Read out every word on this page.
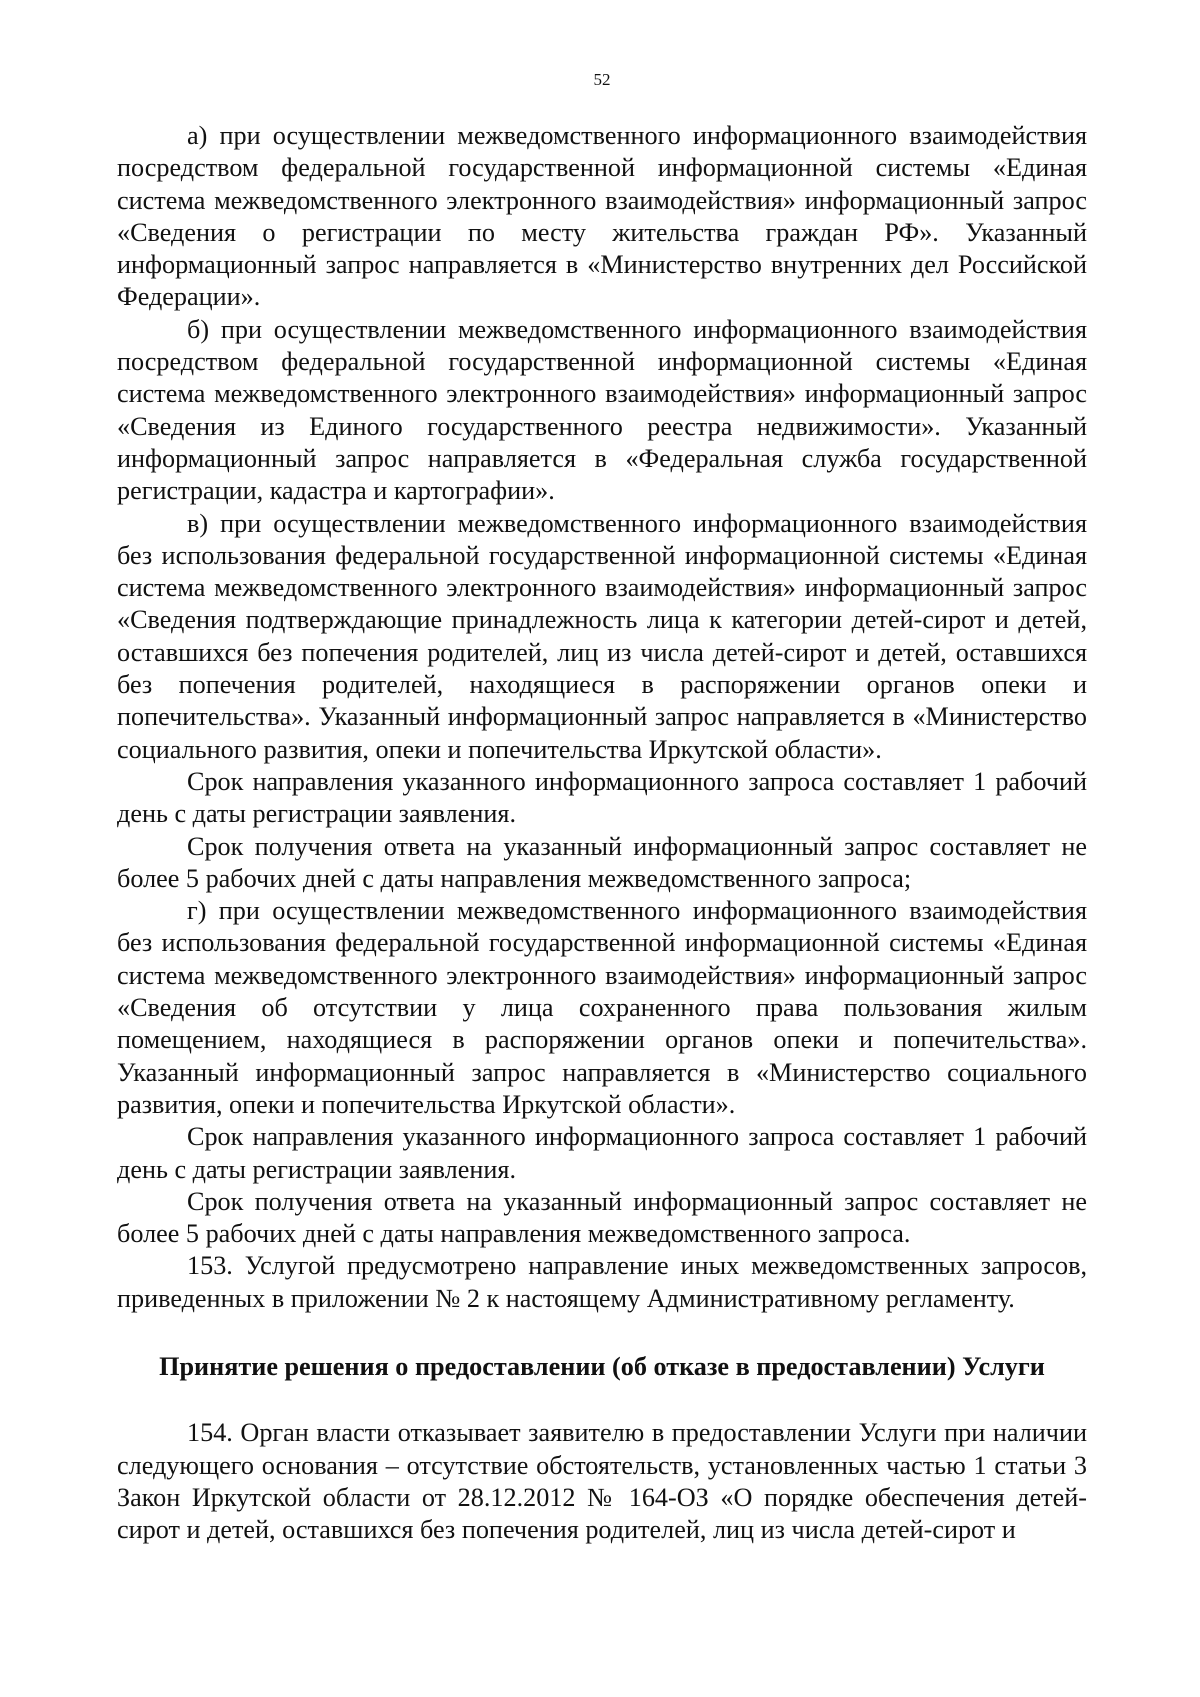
52

а) при осуществлении межведомственного информационного взаимодействия посредством федеральной государственной информационной системы «Единая система межведомственного электронного взаимодействия» информационный запрос «Сведения о регистрации по месту жительства граждан РФ». Указанный информационный запрос направляется в «Министерство внутренних дел Российской Федерации».

б) при осуществлении межведомственного информационного взаимодействия посредством федеральной государственной информационной системы «Единая система межведомственного электронного взаимодействия» информационный запрос «Сведения из Единого государственного реестра недвижимости». Указанный информационный запрос направляется в «Федеральная служба государственной регистрации, кадастра и картографии».

в) при осуществлении межведомственного информационного взаимодействия без использования федеральной государственной информационной системы «Единая система межведомственного электронного взаимодействия» информационный запрос «Сведения подтверждающие принадлежность лица к категории детей-сирот и детей, оставшихся без попечения родителей, лиц из числа детей-сирот и детей, оставшихся без попечения родителей, находящиеся в распоряжении органов опеки и попечительства». Указанный информационный запрос направляется в «Министерство социального развития, опеки и попечительства Иркутской области».

Срок направления указанного информационного запроса составляет 1 рабочий день с даты регистрации заявления.

Срок получения ответа на указанный информационный запрос составляет не более 5 рабочих дней с даты направления межведомственного запроса;

г) при осуществлении межведомственного информационного взаимодействия без использования федеральной государственной информационной системы «Единая система межведомственного электронного взаимодействия» информационный запрос «Сведения об отсутствии у лица сохраненного права пользования жилым помещением, находящиеся в распоряжении органов опеки и попечительства». Указанный информационный запрос направляется в «Министерство социального развития, опеки и попечительства Иркутской области».

Срок направления указанного информационного запроса составляет 1 рабочий день с даты регистрации заявления.

Срок получения ответа на указанный информационный запрос составляет не более 5 рабочих дней с даты направления межведомственного запроса.

153. Услугой предусмотрено направление иных межведомственных запросов, приведенных в приложении № 2 к настоящему Административному регламенту.

Принятие решения о предоставлении (об отказе в предоставлении) Услуги

154. Орган власти отказывает заявителю в предоставлении Услуги при наличии следующего основания – отсутствие обстоятельств, установленных частью 1 статьи 3 Закон Иркутской области от 28.12.2012 № 164-ОЗ «О порядке обеспечения детей-сирот и детей, оставшихся без попечения родителей, лиц из числа детей-сирот и
